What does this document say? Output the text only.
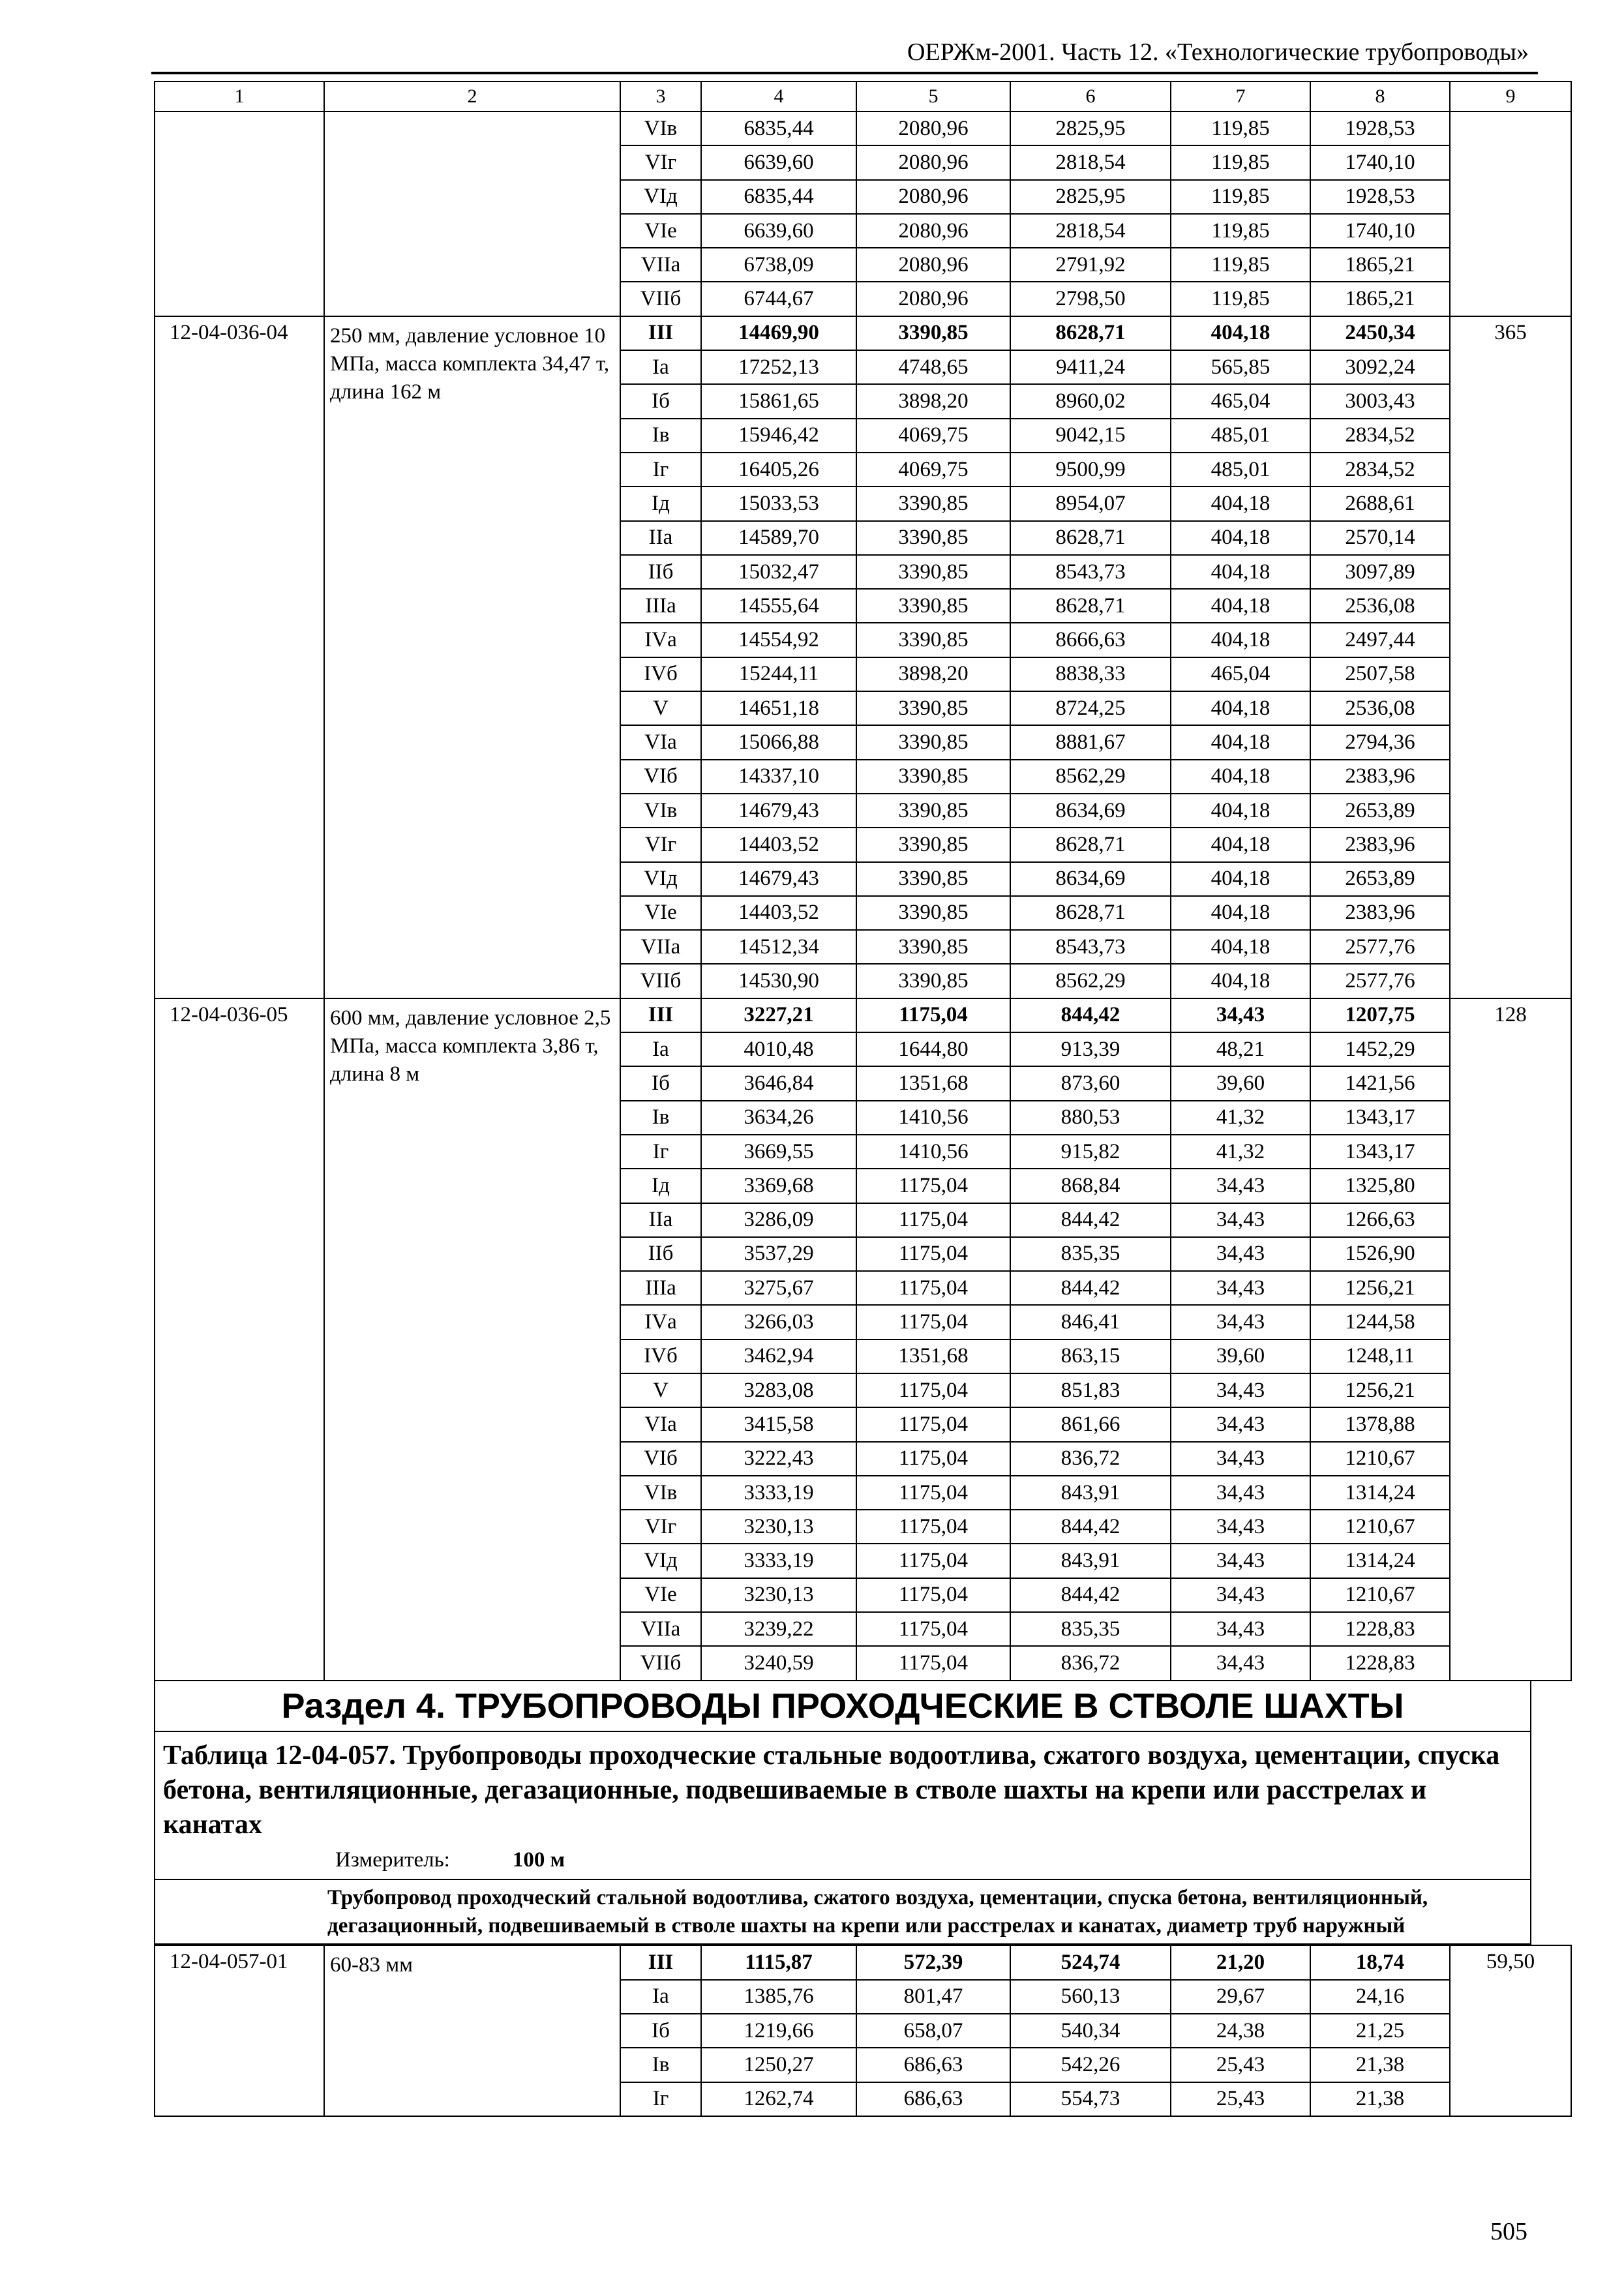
ОЕРЖм-2001. Часть 12. «Технологические трубопроводы»
1	2	3	4	5	6	7	8	9
		VIв	6835,44	2080,96	2825,95	119,85	1928,53	
		VIг	6639,60	2080,96	2818,54	119,85	1740,10	
		VIд	6835,44	2080,96	2825,95	119,85	1928,53	
		VIе	6639,60	2080,96	2818,54	119,85	1740,10	
		VIIа	6738,09	2080,96	2791,92	119,85	1865,21	
		VIIб	6744,67	2080,96	2798,50	119,85	1865,21	
12-04-036-04	250 мм, давление условное 10 МПа, масса комплекта 34,47 т, длина 162 м	III	14469,90	3390,85	8628,71	404,18	2450,34	365
		Iа	17252,13	4748,65	9411,24	565,85	3092,24	
		Iб	15861,65	3898,20	8960,02	465,04	3003,43	
		Iв	15946,42	4069,75	9042,15	485,01	2834,52	
		Iг	16405,26	4069,75	9500,99	485,01	2834,52	
		Iд	15033,53	3390,85	8954,07	404,18	2688,61	
		IIа	14589,70	3390,85	8628,71	404,18	2570,14	
		IIб	15032,47	3390,85	8543,73	404,18	3097,89	
		IIIа	14555,64	3390,85	8628,71	404,18	2536,08	
		IVа	14554,92	3390,85	8666,63	404,18	2497,44	
		IVб	15244,11	3898,20	8838,33	465,04	2507,58	
		V	14651,18	3390,85	8724,25	404,18	2536,08	
		VIа	15066,88	3390,85	8881,67	404,18	2794,36	
		VIб	14337,10	3390,85	8562,29	404,18	2383,96	
		VIв	14679,43	3390,85	8634,69	404,18	2653,89	
		VIг	14403,52	3390,85	8628,71	404,18	2383,96	
		VIд	14679,43	3390,85	8634,69	404,18	2653,89	
		VIе	14403,52	3390,85	8628,71	404,18	2383,96	
		VIIа	14512,34	3390,85	8543,73	404,18	2577,76	
		VIIб	14530,90	3390,85	8562,29	404,18	2577,76	
12-04-036-05	600 мм, давление условное 2,5 МПа, масса комплекта 3,86 т, длина 8 м	III	3227,21	1175,04	844,42	34,43	1207,75	128
		Iа	4010,48	1644,80	913,39	48,21	1452,29	
		Iб	3646,84	1351,68	873,60	39,60	1421,56	
		Iв	3634,26	1410,56	880,53	41,32	1343,17	
		Iг	3669,55	1410,56	915,82	41,32	1343,17	
		Iд	3369,68	1175,04	868,84	34,43	1325,80	
		IIа	3286,09	1175,04	844,42	34,43	1266,63	
		IIб	3537,29	1175,04	835,35	34,43	1526,90	
		IIIа	3275,67	1175,04	844,42	34,43	1256,21	
		IVа	3266,03	1175,04	846,41	34,43	1244,58	
		IVб	3462,94	1351,68	863,15	39,60	1248,11	
		V	3283,08	1175,04	851,83	34,43	1256,21	
		VIа	3415,58	1175,04	861,66	34,43	1378,88	
		VIб	3222,43	1175,04	836,72	34,43	1210,67	
		VIв	3333,19	1175,04	843,91	34,43	1314,24	
		VIг	3230,13	1175,04	844,42	34,43	1210,67	
		VIд	3333,19	1175,04	843,91	34,43	1314,24	
		VIе	3230,13	1175,04	844,42	34,43	1210,67	
		VIIа	3239,22	1175,04	835,35	34,43	1228,83	
		VIIб	3240,59	1175,04	836,72	34,43	1228,83	
Раздел 4. ТРУБОПРОВОДЫ ПРОХОДЧЕСКИЕ В СТВОЛЕ ШАХТЫ
Таблица 12-04-057. Трубопроводы проходческие стальные водоотлива, сжатого воздуха, цементации, спуска бетона, вентиляционные, дегазационные, подвешиваемые в стволе шахты на крепи или расстрелах и канатах
Измеритель:	100 м
Трубопровод проходческий стальной водоотлива, сжатого воздуха, цементации, спуска бетона, вентиляционный, дегазационный, подвешиваемый в стволе шахты на крепи или расстрелах и канатах, диаметр труб наружный
12-04-057-01	60-83 мм	III	1115,87	572,39	524,74	21,20	18,74	59,50
		Iа	1385,76	801,47	560,13	29,67	24,16	
		Iб	1219,66	658,07	540,34	24,38	21,25	
		Iв	1250,27	686,63	542,26	25,43	21,38	
		Iг	1262,74	686,63	554,73	25,43	21,38	
505
